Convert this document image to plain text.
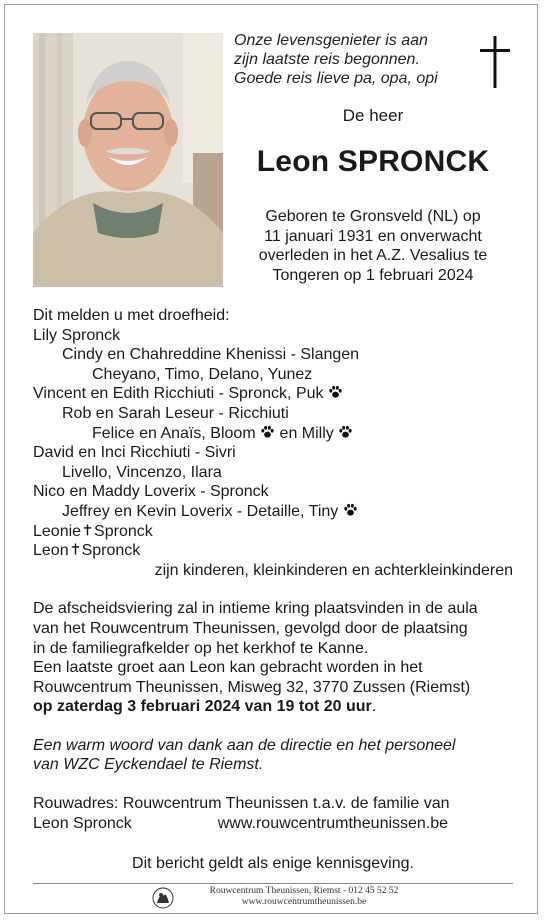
Onze levensgenieter is aan
zijn laatste reis begonnen.
Goede reis lieve pa, opa, opi
De heer
Leon SPRONCK
Geboren te Gronsveld (NL) op
11 januari 1931 en onverwacht
overleden in het A.Z. Vesalius te
Tongeren op 1 februari 2024
Dit melden u met droefheid:
Lily Spronck
Cindy en Chahreddine Khenissi - Slangen
Cheyano, Timo, Delano, Yunez
Vincent en Edith Ricchiuti - Spronck, Puk
Rob en Sarah Leseur - Ricchiuti
Felice en Anaïs, Bloom en Milly
David en Inci Ricchiuti - Sivri
Livello, Vincenzo, Ilara
Nico en Maddy Loverix - Spronck
Jeffrey en Kevin Loverix - Detaille, Tiny
Leonie Spronck
Leon Spronck
zijn kinderen, kleinkinderen en achterkleinkinderen
De afscheidsviering zal in intieme kring plaatsvinden in de aula
van het Rouwcentrum Theunissen, gevolgd door de plaatsing
in de familiegrafkelder op het kerkhof te Kanne.
Een laatste groet aan Leon kan gebracht worden in het
Rouwcentrum Theunissen, Misweg 32, 3770 Zussen (Riemst)
op zaterdag 3 februari 2024 van 19 tot 20 uur.
Een warm woord van dank aan de directie en het personeel
van WZC Eyckendael te Riemst.
Rouwadres: Rouwcentrum Theunissen t.a.v. de familie van
Leon Spronck	www.rouwcentrumtheunissen.be
Dit bericht geldt als enige kennisgeving.
Rouwcentrum Theunissen, Riemst - 012 45 52 52
www.rouwcentrumtheunissen.be
